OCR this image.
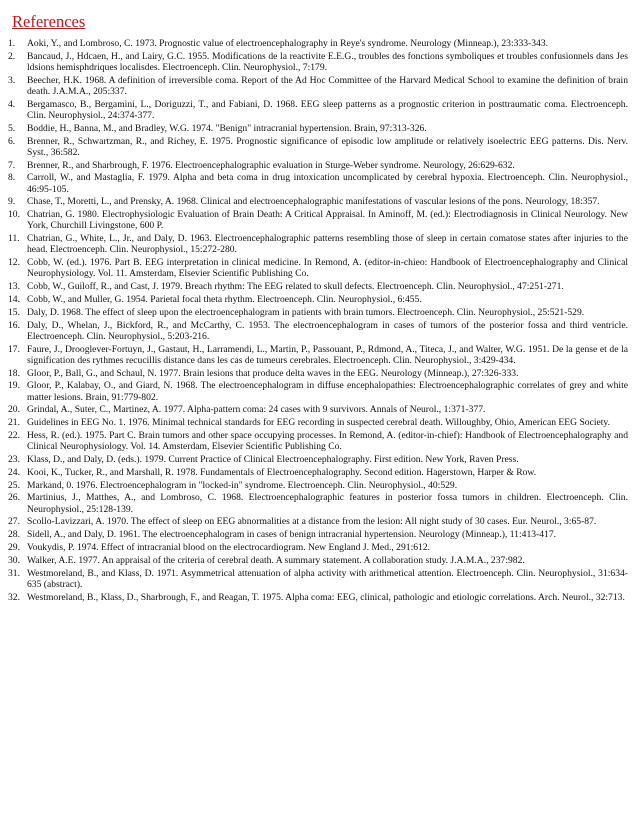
References
1. Aoki, Y., and Lombroso, C. 1973. Prognostic value of electroencephalography in Reye's syndrome. Neurology (Minneap.), 23:333-343.
2. Bancaud, J., Hdcaen, H., and Lairy, G.C. 1955. Modifications de la reactivite E.E.G., troubles des fonctions symboliques et troubles confusionnels dans Jes ldsions hemisphdriques localisdes. Electroenceph. Clin. Neurophysiol., 7:179.
3. Beecher, H.K. 1968. A definition of irreversible coma. Report of the Ad Hoc Committee of the Harvard Medical School to examine the definition of brain death. J.A.M.A., 205:337.
4. Bergamasco, B., Bergamini, L., Doriguzzi, T., and Fabiani, D. 1968. EEG sleep patterns as a prognostic criterion in posttraumatic coma. Electroenceph. Clin. Neurophysiol., 24:374-377.
5. Boddie, H., Banna, M., and Bradley, W.G. 1974. "Benign" intracranial hypertension. Brain, 97:313-326.
6. Brenner, R., Schwartzman, R., and Richey, E. 1975. Prognostic significance of episodic low amplitude or relatively isoelectric EEG patterns. Dis. Nerv. Syst., 36:582.
7. Brenner, R., and Sharbrough, F. 1976. Electroencephalographic evaluation in Sturge-Weber syndrome. Neurology, 26:629-632.
8. Carroll, W., and Mastaglia, F. 1979. Alpha and beta coma in drug intoxication uncomplicated by cerebral hypoxia. Electroenceph. Clin. Neurophysiol., 46:95-105.
9. Chase, T., Moretti, L., and Prensky, A. 1968. Clinical and electroencephalographic manifestations of vascular lesions of the pons. Neurology, 18:357.
10. Chatrian, G. 1980. Electrophysiologic Evaluation of Brain Death: A Critical Appraisal. In Aminoff, M. (ed.): Electrodiagnosis in Clinical Neurology. New York, Churchill Livingstone, 600 P.
11. Chatrian, G., White, L., Jr., and Daly, D. 1963. Electroencephalographic patterns resembling those of sleep in certain comatose states after injuries to the head. Electroenceph. Clin. Neurophysiol., 15:272-280.
12. Cobb, W. (ed.). 1976. Part B. EEG interpretation in clinical medicine. In Remond, A. (editor-in-chieo: Handbook of Electroencephalography and Clinical Neurophysiology. Vol. 11. Amsterdam, Elsevier Scientific Publishing Co.
13. Cobb, W., Guiloff, R., and Cast, J. 1979. Breach rhythm: The EEG related to skull defects. Electroenceph. Clin. Neurophysiol., 47:251-271.
14. Cobb, W., and Muller, G. 1954. Parietal focal theta rhythm. Electroenceph. Clin. Neurophysiol., 6:455.
15. Daly, D. 1968. The effect of sleep upon the electroencephalogram in patients with brain tumors. Electroenceph. Clin. Neurophysiol., 25:521-529.
16. Daly, D., Whelan, J., Bickford, R., and McCarthy, C. 1953. The electroencephalogram in cases of tumors of the posterior fossa and third ventricle. Electroenceph. Clin. Neurophysiol., 5:203-216.
17. Faure, J., Drooglever-Fortuyn, J., Gastaut, H., Larramendi, L., Martin, P., Passouant, P., Rdmond, A., Titeca, J., and Walter, W.G. 1951. De la gense et de la signification des rythmes recucillis distance dans les cas de tumeurs cerebrales. Electroenceph. Clin. Neurophysiol., 3:429-434.
18. Gloor, P., Ball, G., and Schaul, N. 1977. Brain lesions that produce delta waves in the EEG. Neurology (Minneap.), 27:326-333.
19. Gloor, P., Kalabay, O., and Giard, N. 1968. The electroencephalogram in diffuse encephalopathies: Electroencephalographic correlates of grey and white matter lesions. Brain, 91:779-802.
20. Grindal, A., Suter, C., Martinez, A. 1977. Alpha-pattern coma: 24 cases with 9 survivors. Annals of Neurol., 1:371-377.
21. Guidelines in EEG No. 1. 1976. Minimal technical standards for EEG recording in suspected cerebral death. Willoughby, Ohio, American EEG Society.
22. Hess, R. (ed.). 1975. Part C. Brain tumors and other space occupying processes. In Remond, A. (editor-in-chief): Handbook of Electroencephalography and Clinical Neurophysiology. Vol. 14. Amsterdam, Elsevier Scientific Publishing Co.
23. Klass, D., and Daly, D. (eds.). 1979. Current Practice of Clinical Electroencephalography. First edition. New York, Raven Press.
24. Kooi, K., Tucker, R., and Marshall, R. 1978. Fundamentals of Electroencephalography. Second edition. Hagerstown, Harper & Row.
25. Markand, 0. 1976. Electroencephalogram in "locked-in" syndrome. Electroenceph. Clin. Neurophysiol., 40:529.
26. Martinius, J., Matthes, A., and Lombroso, C. 1968. Electroencephalographic features in posterior fossa tumors in children. Electroenceph. Clin. Neurophysiol., 25:128-139.
27. Scollo-Lavizzari, A. 1970. The effect of sleep on EEG abnormalities at a distance from the lesion: All night study of 30 cases. Eur. Neurol., 3:65-87.
28. Sidell, A., and Daly, D. 1961. The electroencephalogram in cases of benign intracranial hypertension. Neurology (Minneap.), 11:413-417.
29. Voukydis, P. 1974. Effect of intracranial blood on the electrocardiogram. New England J. Med., 291:612.
30. Walker, A.E. 1977. An appraisal of the criteria of cerebral death. A summary statement. A collaboration study. J.A.M.A., 237:982.
31. Westmoreland, B., and Klass, D. 1971. Asymmetrical attenuation of alpha activity with arithmetical attention. Electroenceph. Clin. Neurophysiol., 31:634-635 (abstract).
32. Westmoreland, B., Klass, D., Sharbrough, F., and Reagan, T. 1975. Alpha coma: EEG, clinical, pathologic and etiologic correlations. Arch. Neurol., 32:713.
